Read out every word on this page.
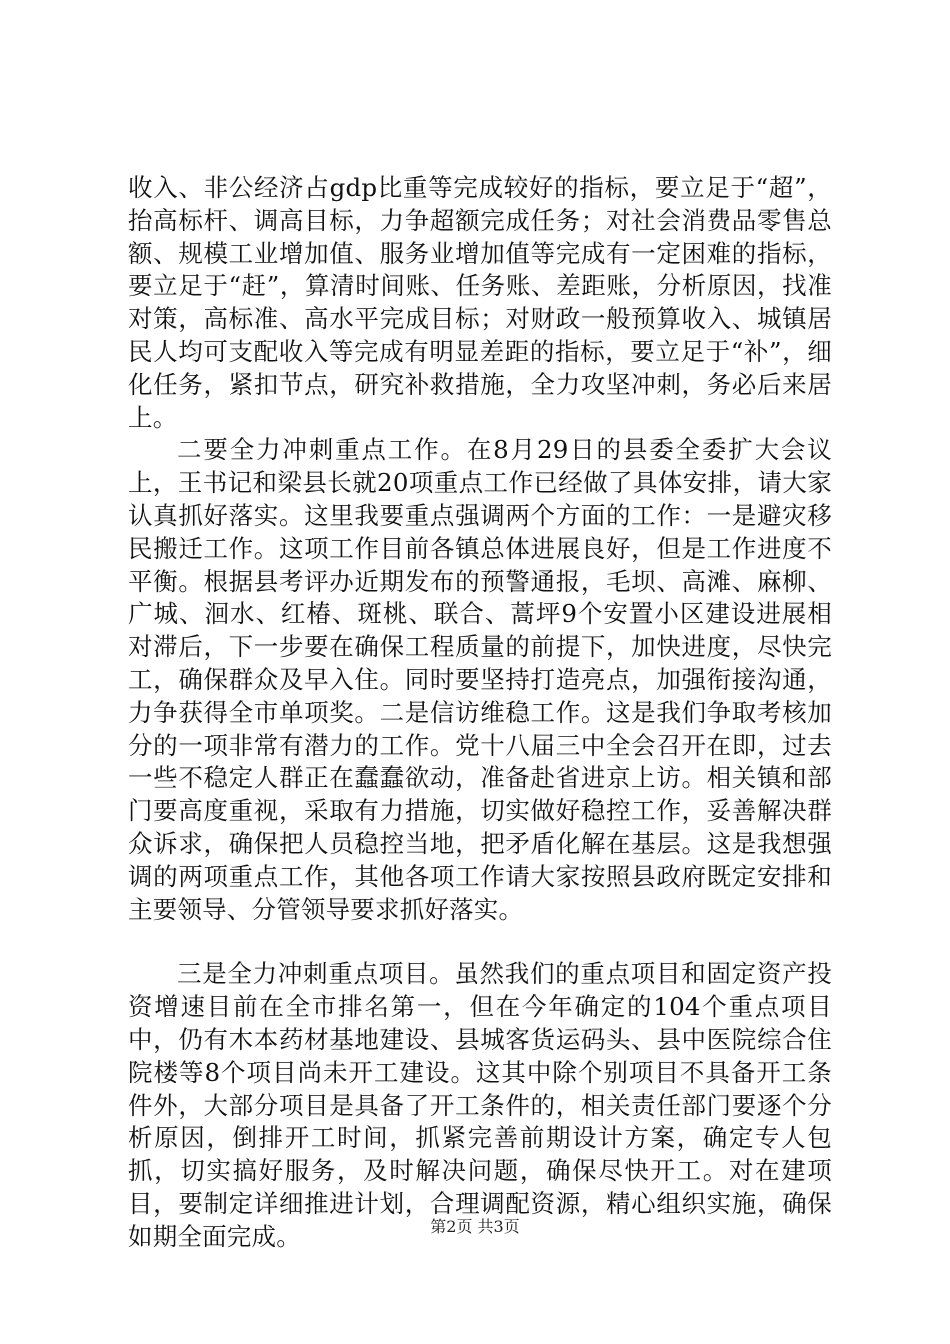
收入、非公经济占gdp比重等完成较好的指标，要立足于“超”，抬高标杆、调高目标，力争超额完成任务；对社会消费品零售总额、规模工业增加值、服务业增加值等完成有一定困难的指标，要立足于“赶”，算清时间账、任务账、差距账，分析原因，找准对策，高标准、高水平完成目标；对财政一般预算收入、城镇居民人均可支配收入等完成有明显差距的指标，要立足于“补”，细化任务，紧扣节点，研究补救措施，全力攻坚冲刺，务必后来居上。

二要全力冲刺重点工作。在8月29日的县委全委扩大会议上，王书记和梁县长就20项重点工作已经做了具体安排，请大家认真抓好落实。这里我要重点强调两个方面的工作：一是避灾移民搬迁工作。这项工作目前各镇总体进展良好，但是工作进度不平衡。根据县考评办近期发布的预警通报，毛坝、高滩、麻柳、广城、洄水、红椿、斑桃、联合、蒿坪9个安置小区建设进展相对滞后，下一步要在确保工程质量的前提下，加快进度，尽快完工，确保群众及早入住。同时要坚持打造亮点，加强衔接沟通，力争获得全市单项奖。二是信访维稳工作。这是我们争取考核加分的一项非常有潜力的工作。党十八届三中全会召开在即，过去一些不稳定人群正在蠢蠢欲动，准备赴省进京上访。相关镇和部门要高度重视，采取有力措施，切实做好稳控工作，妥善解决群众诉求，确保把人员稳控当地，把矛盾化解在基层。这是我想强调的两项重点工作，其他各项工作请大家按照县政府既定安排和主要领导、分管领导要求抓好落实。

三是全力冲刺重点项目。虽然我们的重点项目和固定资产投资增速目前在全市排名第一，但在今年确定的104个重点项目中，仍有木本药材基地建设、县城客货运码头、县中医院综合住院楼等8个项目尚未开工建设。这其中除个别项目不具备开工条件外，大部分项目是具备了开工条件的，相关责任部门要逐个分析原因，倒排开工时间，抓紧完善前期设计方案，确定专人包抓，切实搞好服务，及时解决问题，确保尽快开工。对在建项目，要制定详细推进计划，合理调配资源，精心组织实施，确保如期全面完成。	第2页 共3页
